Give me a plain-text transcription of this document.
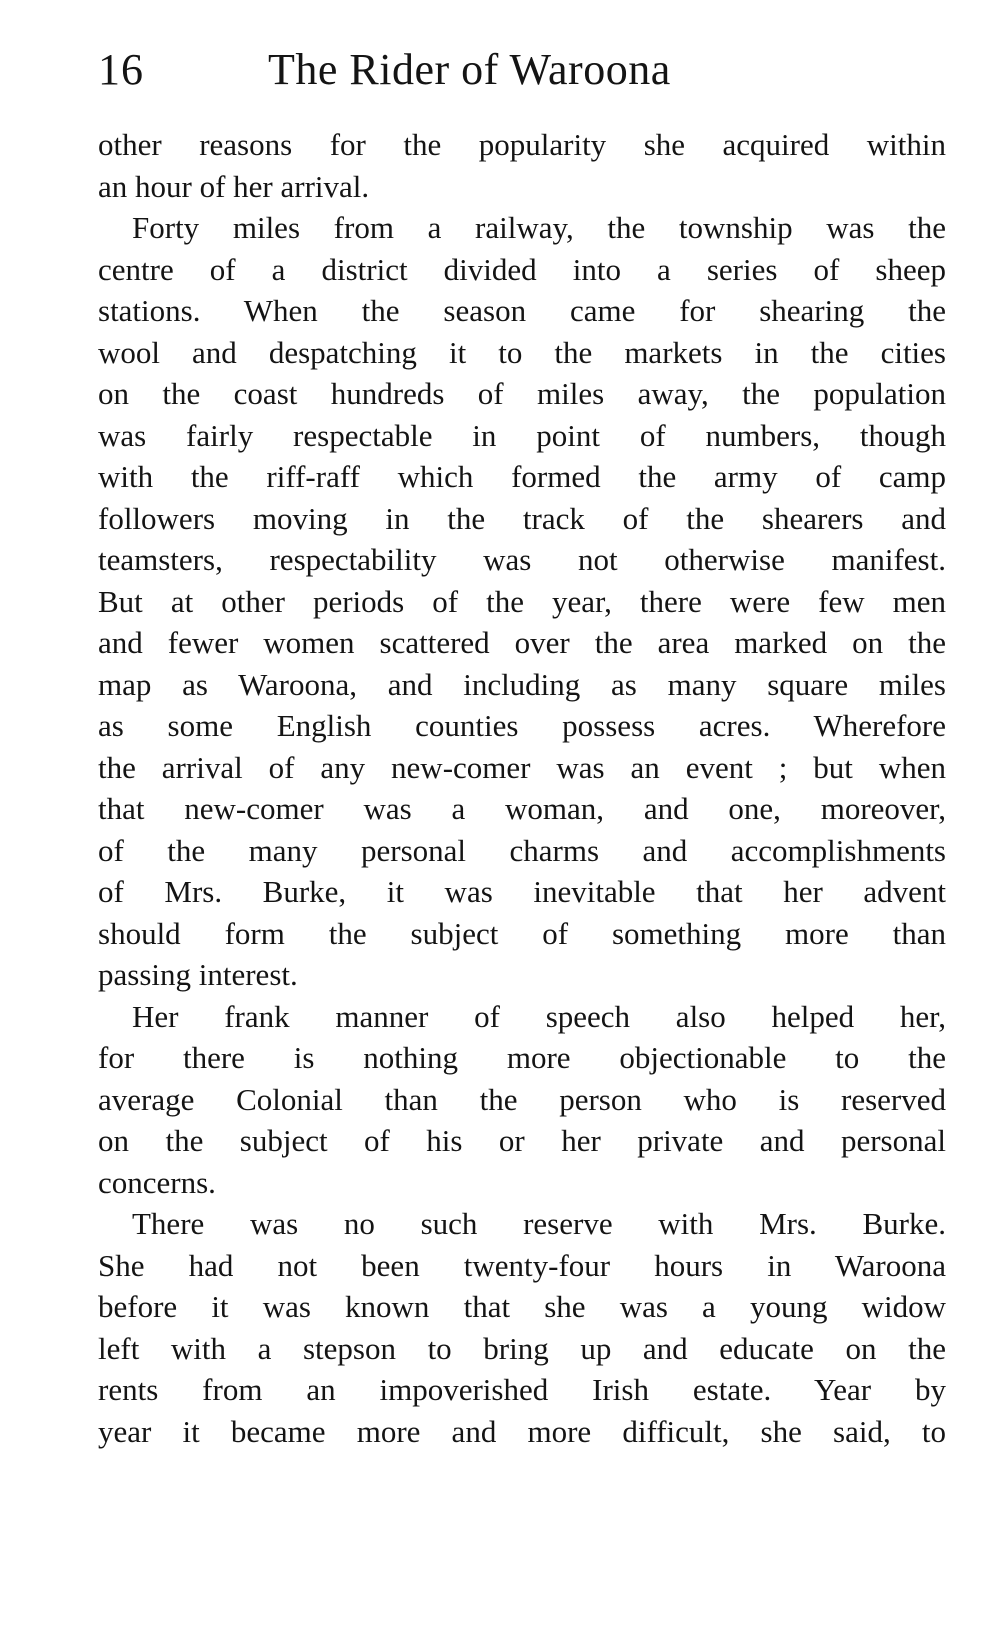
16	The Rider of Waroona
other reasons for the popularity she acquired within
an hour of her arrival.
Forty miles from a railway, the township was the
centre of a district divided into a series of sheep
stations. When the season came for shearing the
wool and despatching it to the markets in the cities
on the coast hundreds of miles away, the population
was fairly respectable in point of numbers, though
with the riff-raff which formed the army of camp
followers moving in the track of the shearers and
teamsters, respectability was not otherwise manifest.
But at other periods of the year, there were few men
and fewer women scattered over the area marked on the
map as Waroona, and including as many square miles
as some English counties possess acres. Wherefore
the arrival of any new-comer was an event ; but when
that new-comer was a woman, and one, moreover,
of the many personal charms and accomplishments
of Mrs. Burke, it was inevitable that her advent
should form the subject of something more than
passing interest.
Her frank manner of speech also helped her,
for there is nothing more objectionable to the
average Colonial than the person who is reserved
on the subject of his or her private and personal
concerns.
There was no such reserve with Mrs. Burke.
She had not been twenty-four hours in Waroona
before it was known that she was a young widow
left with a stepson to bring up and educate on the
rents from an impoverished Irish estate. Year by
year it became more and more difficult, she said, to
